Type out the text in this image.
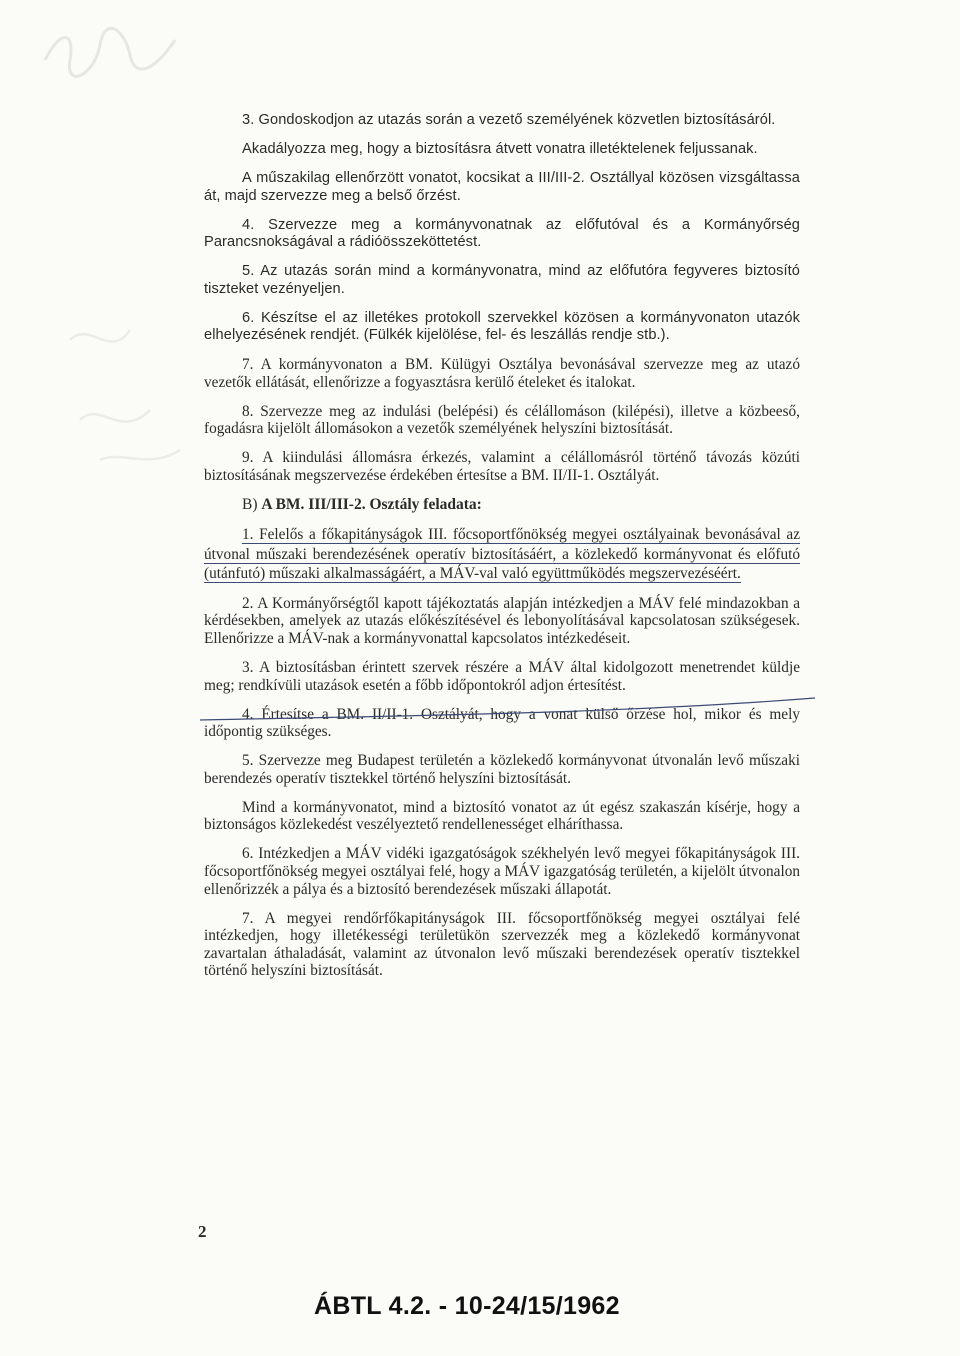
3. Gondoskodjon az utazás során a vezető személyének közvetlen biztosításáról.

Akadályozza meg, hogy a biztosításra átvett vonatra illetéktelenek feljussanak.

A műszakilag ellenőrzött vonatot, kocsikat a III/III-2. Osztállyal közösen vizsgáltassa át, majd szervezze meg a belső őrzést.

4. Szervezze meg a kormányvonatnak az előfutóval és a Kormányőrség Parancsnokságával a rádióösszeköttetést.

5. Az utazás során mind a kormányvonatra, mind az előfutóra fegyveres biztosító tiszteket vezényeljen.

6. Készítse el az illetékes protokoll szervekkel közösen a kormányvonaton utazók elhelyezésének rendjét. (Fülkék kijelölése, fel- és leszállás rendje stb.).

7. A kormányvonaton a BM. Külügyi Osztálya bevonásával szervezze meg az utazó vezetők ellátását, ellenőrizze a fogyasztásra kerülő ételeket és italokat.

8. Szervezze meg az indulási (belépési) és célállomáson (kilépési), illetve a közbeeső, fogadásra kijelölt állomásokon a vezetők személyének helyszíni biztosítását.

9. A kiindulási állomásra érkezés, valamint a célállomásról történő távozás közúti biztosításának megszervezése érdekében értesítse a BM. II/II-1. Osztályát.

B) A BM. III/III-2. Osztály feladata:

1. Felelős a főkapitányságok III. főcsoportfőnökség megyei osztályainak bevonásával az útvonal műszaki berendezésének operatív biztosításáért, a közlekedő kormányvonat és előfutó (utánfutó) műszaki alkalmasságáért, a MÁV-val való együttműködés megszervezéséért.

2. A Kormányőrségtől kapott tájékoztatás alapján intézkedjen a MÁV felé mindazokban a kérdésekben, amelyek az utazás előkészítésével és lebonyolításával kapcsolatosan szükségesek. Ellenőrizze a MÁV-nak a kormányvonattal kapcsolatos intézkedéseit.

3. A biztosításban érintett szervek részére a MÁV által kidolgozott menetrendet küldje meg; rendkívüli utazások esetén a főbb időpontokról adjon értesítést.

4. Értesítse a BM. II/II-1. Osztályát, hogy a vonat külső őrzése hol, mikor és mely időpontig szükséges.

5. Szervezze meg Budapest területén a közlekedő kormányvonat útvonalán levő műszaki berendezés operatív tisztekkel történő helyszíni biztosítását.

Mind a kormányvonatot, mind a biztosító vonatot az út egész szakaszán kísérje, hogy a biztonságos közlekedést veszélyeztető rendellenességet elháríthassa.

6. Intézkedjen a MÁV vidéki igazgatóságok székhelyén levő megyei főkapitányságok III. főcsoportfőnökség megyei osztályai felé, hogy a MÁV igazgatóság területén, a kijelölt útvonalon ellenőrizzék a pálya és a biztosító berendezések műszaki állapotát.

7. A megyei rendőrfőkapitányságok III. főcsoportfőnökség megyei osztályai felé intézkedjen, hogy illetékességi területükön szervezzék meg a közlekedő kormányvonat zavartalan áthaladását, valamint az útvonalon levő műszaki berendezések operatív tisztekkel történő helyszíni biztosítását.

2
ÁBTL 4.2. - 10-24/15/1962
